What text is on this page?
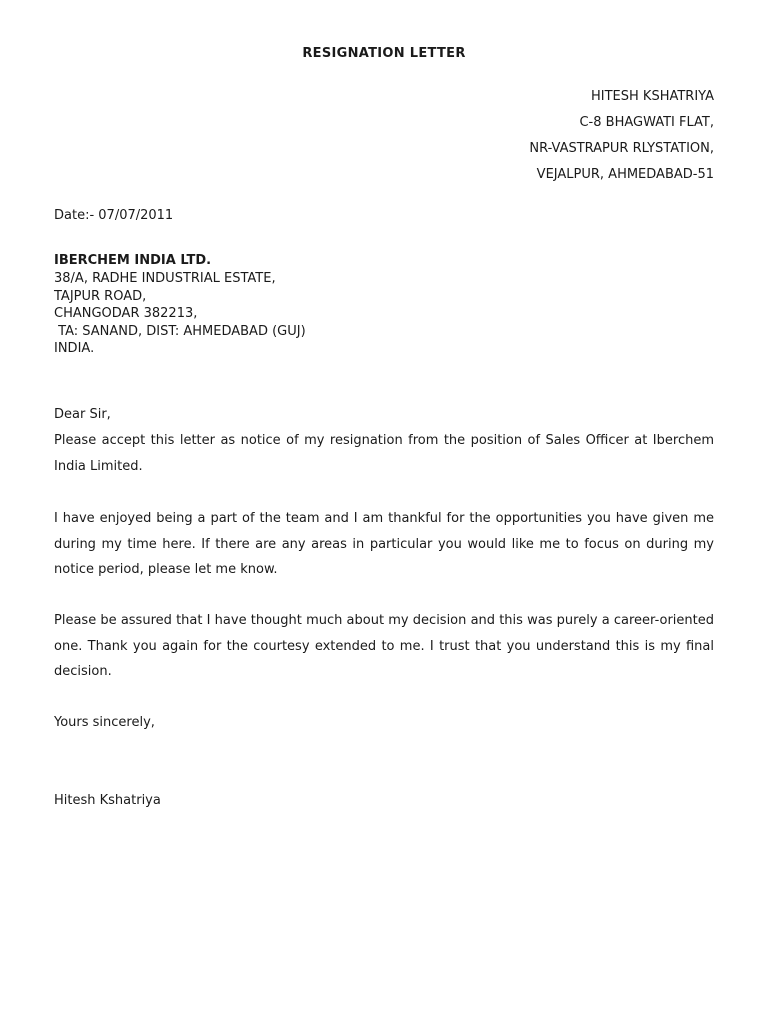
RESIGNATION LETTER
HITESH KSHATRIYA
C-8 BHAGWATI FLAT,
NR-VASTRAPUR RLYSTATION,
VEJALPUR, AHMEDABAD-51
Date:- 07/07/2011
IBERCHEM INDIA LTD.
38/A, RADHE INDUSTRIAL ESTATE,
TAJPUR ROAD,
CHANGODAR 382213,
TA: SANAND, DIST: AHMEDABAD (GUJ)
INDIA.
Dear Sir,
Please accept this letter as notice of my resignation from the position of Sales Officer at Iberchem India Limited.
I have enjoyed being a part of the team and I am thankful for the opportunities you have given me during my time here. If there are any areas in particular you would like me to focus on during my notice period, please let me know.
Please be assured that I have thought much about my decision and this was purely a career-oriented one. Thank you again for the courtesy extended to me. I trust that you understand this is my final decision.
Yours sincerely,
Hitesh Kshatriya
